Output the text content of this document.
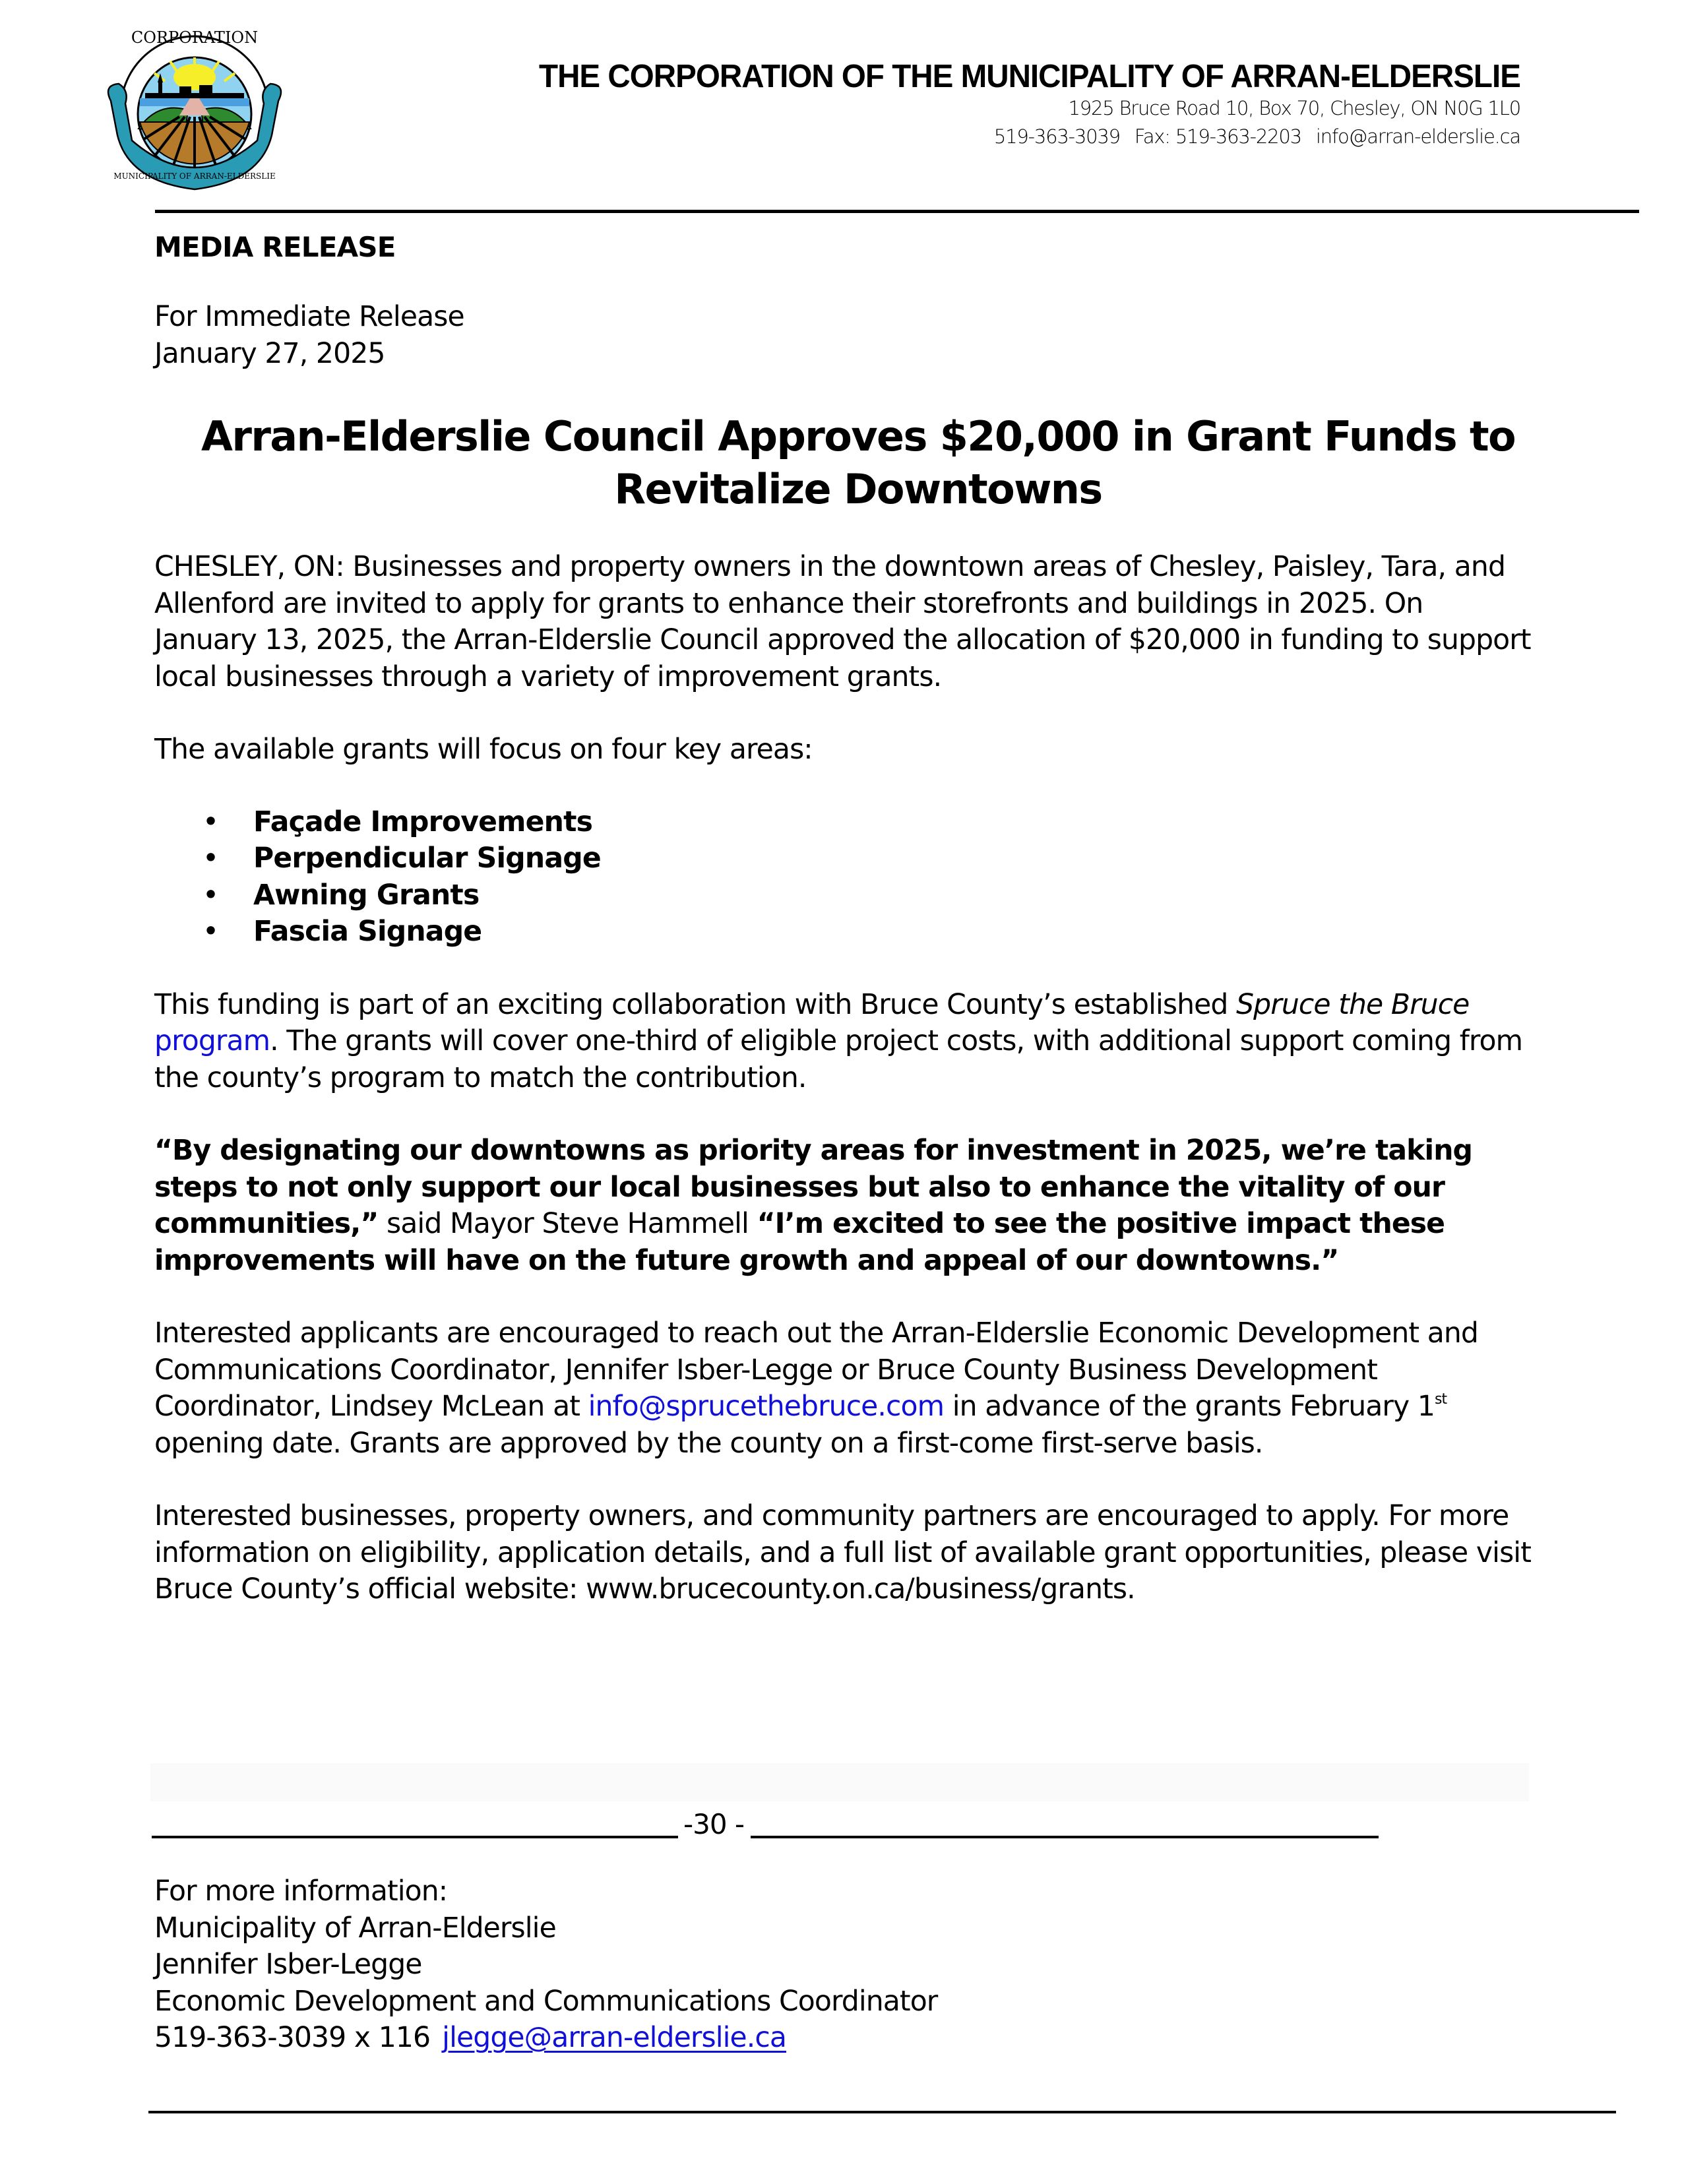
CORPORATION
MUNICIPALITY OF ARRAN-ELDERSLIE
THE CORPORATION OF THE MUNICIPALITY OF ARRAN-ELDERSLIE

1925 Bruce Road 10, Box 70, Chesley, ON N0G 1L0

519-363-3039 Fax: 519-363-2203 info@arran-elderslie.ca

MEDIA RELEASE

For Immediate Release

January 27, 2025

Arran-Elderslie Council Approves $20,000 in Grant Funds to
Revitalize Downtowns

CHESLEY, ON: Businesses and property owners in the downtown areas of Chesley, Paisley, Tara, and Allenford are invited to apply for grants to enhance their storefronts and buildings in 2025. On January 13, 2025, the Arran-Elderslie Council approved the allocation of $20,000 in funding to support local businesses through a variety of improvement grants.

The available grants will focus on four key areas:

• Façade Improvements
• Perpendicular Signage
• Awning Grants
• Fascia Signage

This funding is part of an exciting collaboration with Bruce County’s established Spruce the Bruce program. The grants will cover one-third of eligible project costs, with additional support coming from the county’s program to match the contribution.

“By designating our downtowns as priority areas for investment in 2025, we’re taking steps to not only support our local businesses but also to enhance the vitality of our communities,” said Mayor Steve Hammell “I’m excited to see the positive impact these improvements will have on the future growth and appeal of our downtowns.”

Interested applicants are encouraged to reach out the Arran-Elderslie Economic Development and Communications Coordinator, Jennifer Isber-Legge or Bruce County Business Development Coordinator, Lindsey McLean at info@sprucethebruce.com in advance of the grants February 1st opening date. Grants are approved by the county on a first-come first-serve basis.

Interested businesses, property owners, and community partners are encouraged to apply. For more information on eligibility, application details, and a full list of available grant opportunities, please visit Bruce County’s official website: www.brucecounty.on.ca/business/grants.

-30 -

For more information:

Municipality of Arran-Elderslie

Jennifer Isber-Legge

Economic Development and Communications Coordinator

519-363-3039 x 116 jlegge@arran-elderslie.ca
